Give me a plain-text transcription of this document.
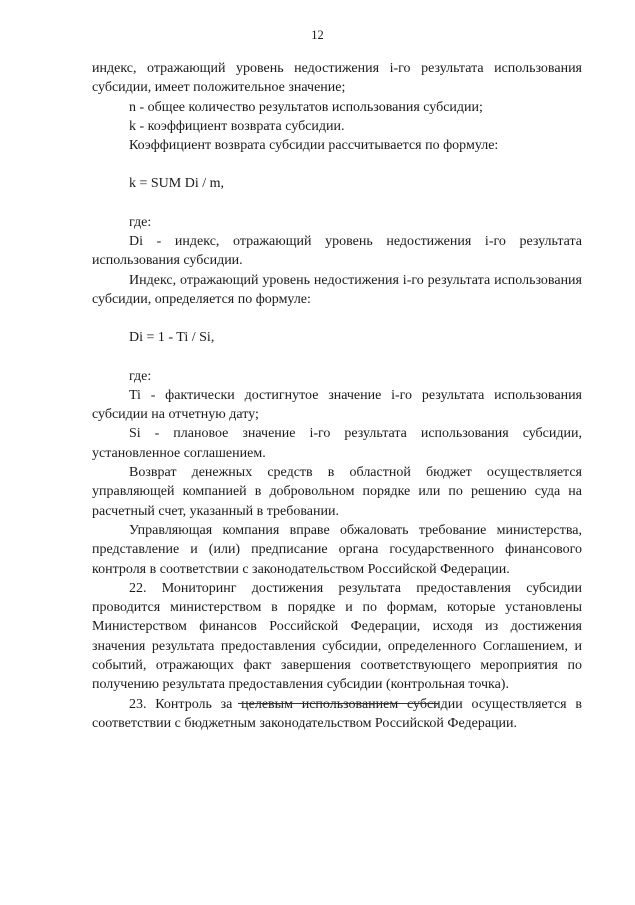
12

индекс, отражающий уровень недостижения i-го результата использования субсидии, имеет положительное значение;

n - общее количество результатов использования субсидии;

k - коэффициент возврата субсидии.

Коэффициент возврата субсидии рассчитывается по формуле:

k = SUM Di / m,

где:

Di - индекс, отражающий уровень недостижения i-го результата использования субсидии.

Индекс, отражающий уровень недостижения i-го результата использования субсидии, определяется по формуле:

Di = 1 - Ti / Si,

где:

Ti - фактически достигнутое значение i-го результата использования субсидии на отчетную дату;

Si - плановое значение i-го результата использования субсидии, установленное соглашением.

Возврат денежных средств в областной бюджет осуществляется управляющей компанией в добровольном порядке или по решению суда на расчетный счет, указанный в требовании.

Управляющая компания вправе обжаловать требование министерства, представление и (или) предписание органа государственного финансового контроля в соответствии с законодательством Российской Федерации.

22. Мониторинг достижения результата предоставления субсидии проводится министерством в порядке и по формам, которые установлены Министерством финансов Российской Федерации, исходя из достижения значения результата предоставления субсидии, определенного Соглашением, и событий, отражающих факт завершения соответствующего мероприятия по получению результата предоставления субсидии (контрольная точка).

23. Контроль за целевым использованием субсидии осуществляется в соответствии с бюджетным законодательством Российской Федерации.
